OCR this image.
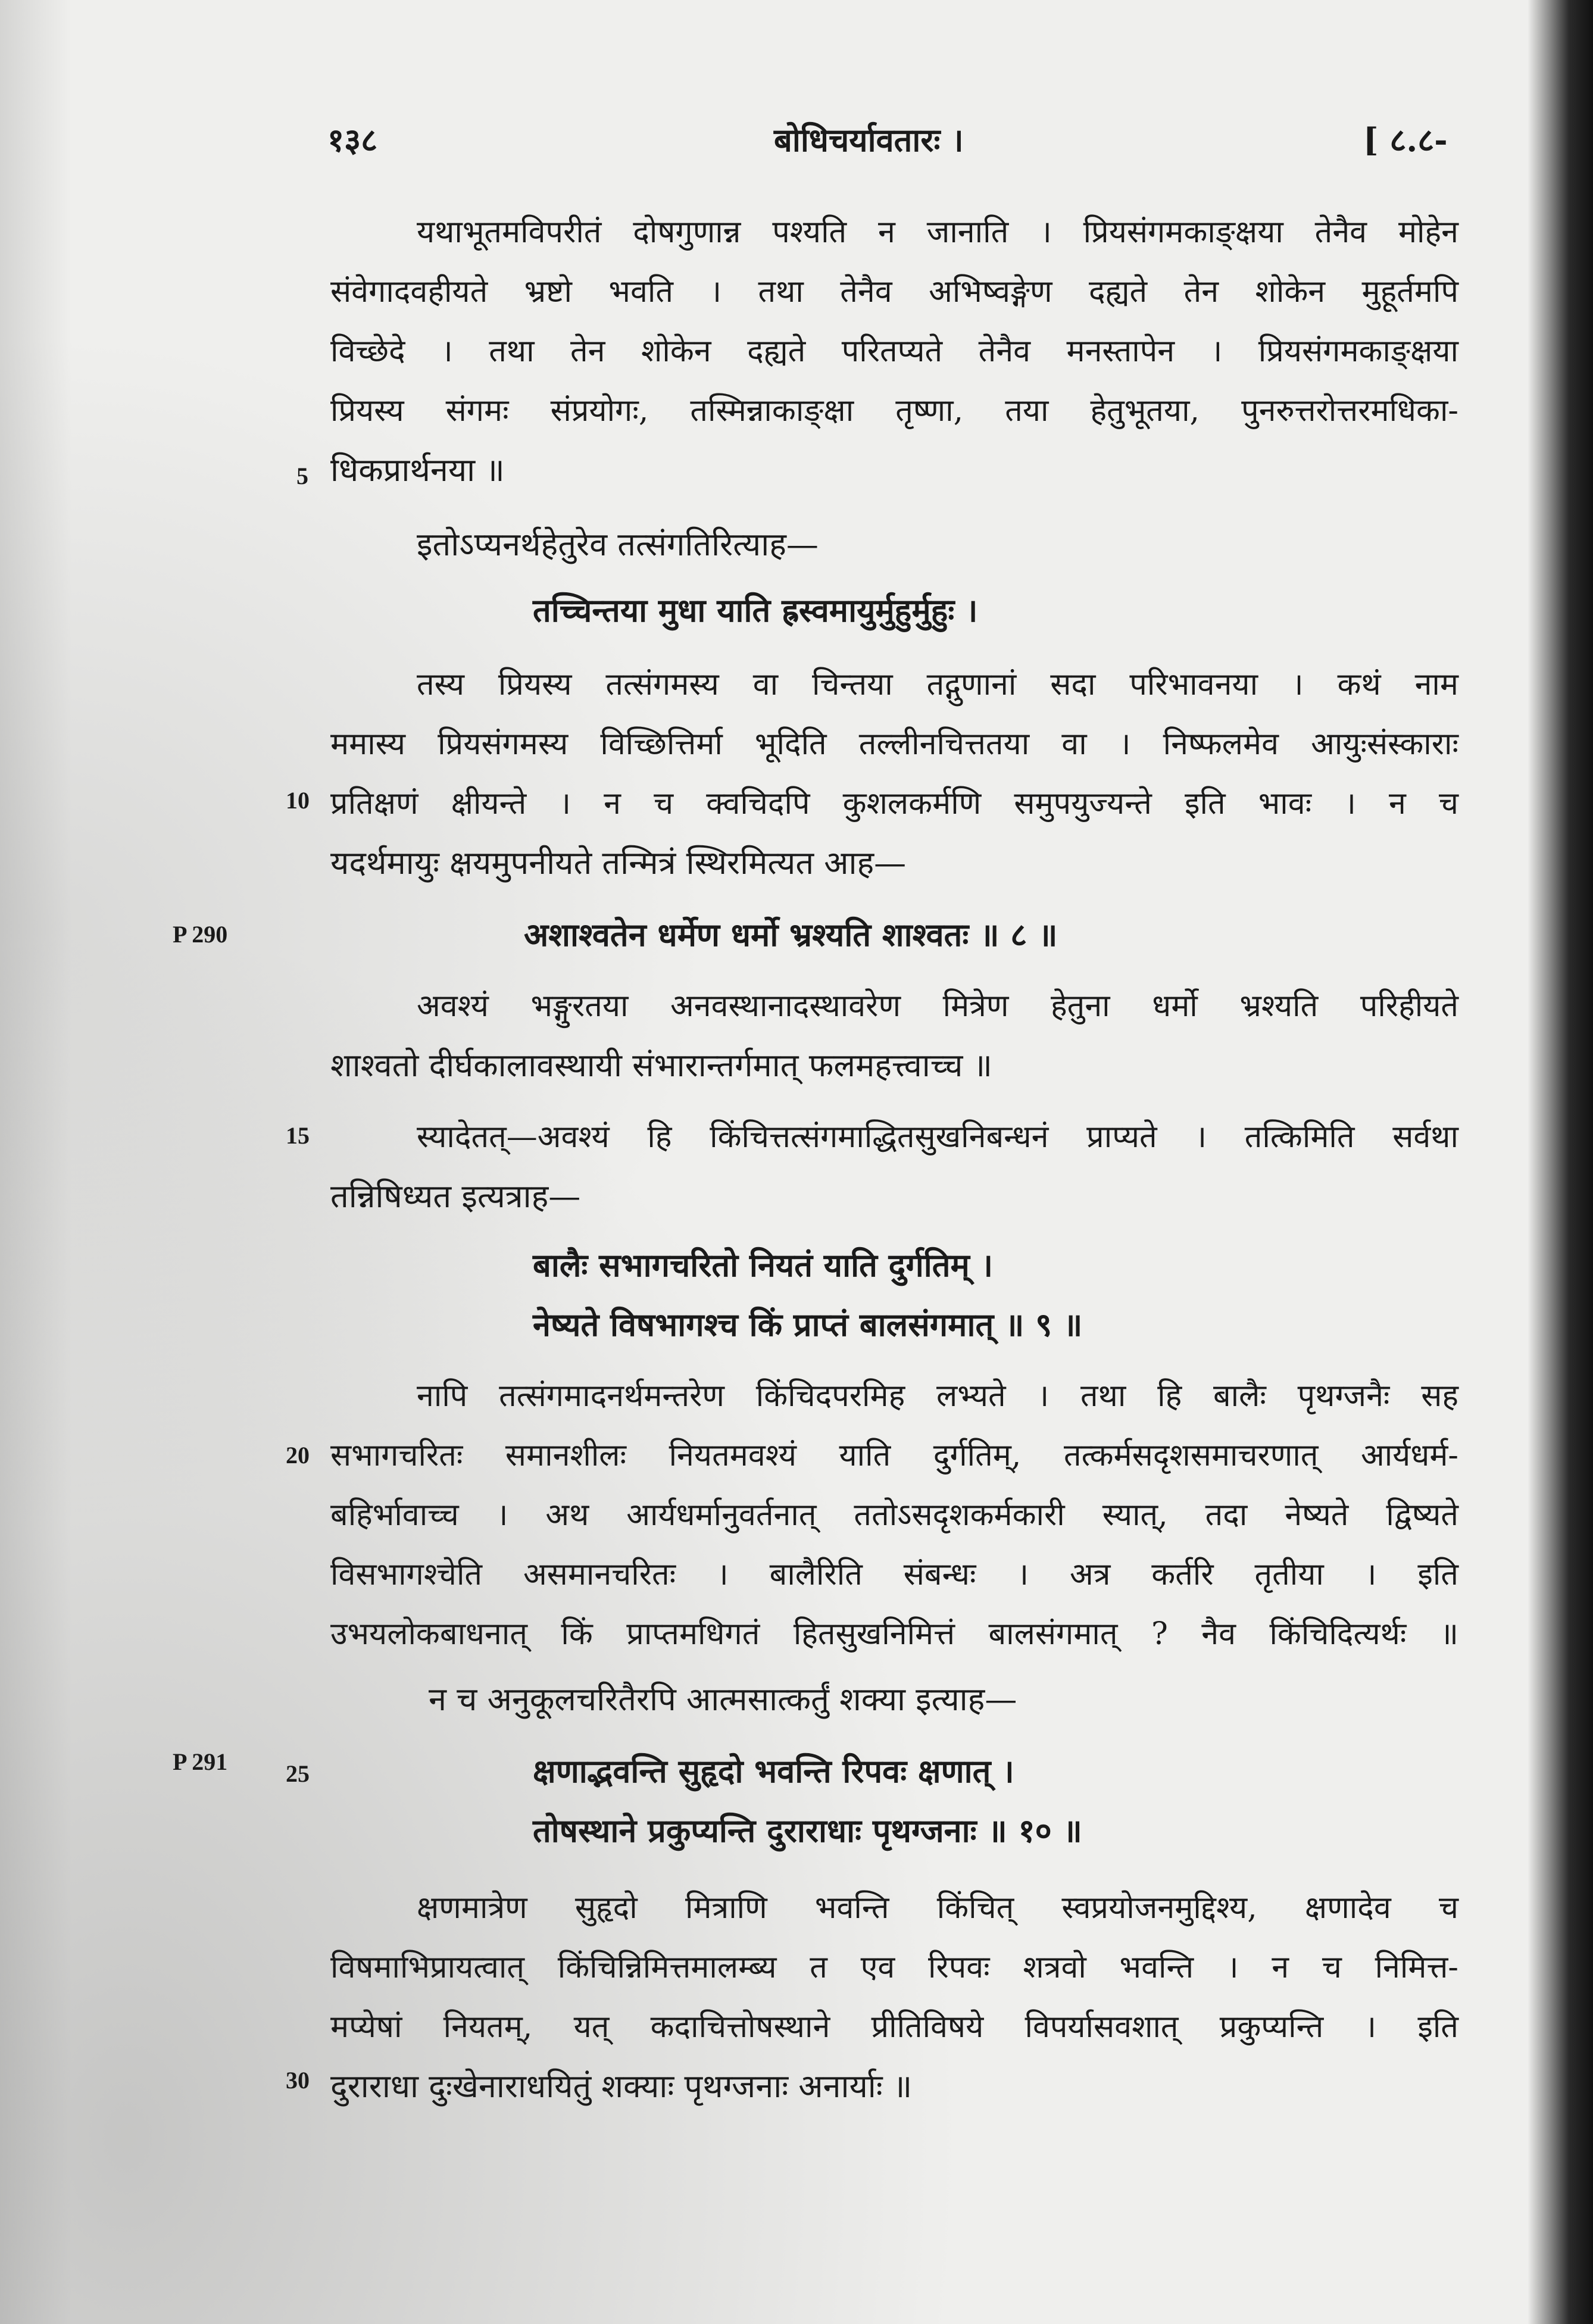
१३८	बोधिचर्यावतारः ।	[ ८.८-
यथाभूतमविपरीतं दोषगुणान्न पश्यति न जानाति । प्रियसंगमकाङ्क्षया तेनैव मोहेन
संवेगादवहीयते भ्रष्टो भवति । तथा तेनैव अभिष्वङ्गेण दह्यते तेन शोकेन मुहूर्तमपि
विच्छेदे । तथा तेन शोकेन दह्यते परितप्यते तेनैव मनस्तापेन । प्रियसंगमकाङ्क्षया
प्रियस्य संगमः संप्रयोगः, तस्मिन्नाकाङ्क्षा तृष्णा, तया हेतुभूतया, पुनरुत्तरोत्तरमधिका-
धिकप्रार्थनया ॥
इतोऽप्यनर्थहेतुरेव तत्संगतिरित्याह—
तच्चिन्तया मुधा याति ह्रस्वमायुर्मुहुर्मुहुः ।
तस्य प्रियस्य तत्संगमस्य वा चिन्तया तद्गुणानां सदा परिभावनया । कथं नाम
ममास्य प्रियसंगमस्य विच्छित्तिर्मा भूदिति तल्लीनचित्ततया वा । निष्फलमेव आयुःसंस्काराः
प्रतिक्षणं क्षीयन्ते । न च क्वचिदपि कुशलकर्मणि समुपयुज्यन्ते इति भावः । न च
यदर्थमायुः क्षयमुपनीयते तन्मित्रं स्थिरमित्यत आह—
अशाश्वतेन धर्मेण धर्मो भ्रश्यति शाश्वतः ॥ ८ ॥
अवश्यं भङ्गुरतया अनवस्थानादस्थावरेण मित्रेण हेतुना धर्मो भ्रश्यति परिहीयते
शाश्वतो दीर्घकालावस्थायी संभारान्तर्गमात् फलमहत्त्वाच्च ॥
स्यादेतत्—अवश्यं हि किंचित्तत्संगमाद्धितसुखनिबन्धनं प्राप्यते । तत्किमिति सर्वथा
तन्निषिध्यत इत्यत्राह—
बालैः सभागचरितो नियतं याति दुर्गतिम् ।
नेष्यते विषभागश्च किं प्राप्तं बालसंगमात् ॥ ९ ॥
नापि तत्संगमादनर्थमन्तरेण किंचिदपरमिह लभ्यते । तथा हि बालैः पृथग्जनैः सह
सभागचरितः समानशीलः नियतमवश्यं याति दुर्गतिम्, तत्कर्मसदृशसमाचरणात् आर्यधर्म-
बहिर्भावाच्च । अथ आर्यधर्मानुवर्तनात् ततोऽसदृशकर्मकारी स्यात्, तदा नेष्यते द्विष्यते
विसभागश्चेति असमानचरितः । बालैरिति संबन्धः । अत्र कर्तरि तृतीया । इति
उभयलोकबाधनात् किं प्राप्तमधिगतं हितसुखनिमित्तं बालसंगमात् ? नैव किंचिदित्यर्थः ॥
न च अनुकूलचरितैरपि आत्मसात्कर्तुं शक्या इत्याह—
क्षणाद्भवन्ति सुहृदो भवन्ति रिपवः क्षणात् ।
तोषस्थाने प्रकुप्यन्ति दुराराधाः पृथग्जनाः ॥ १० ॥
क्षणमात्रेण सुहृदो मित्राणि भवन्ति किंचित् स्वप्रयोजनमुद्दिश्य, क्षणादेव च
विषमाभिप्रायत्वात् किंचिन्निमित्तमालम्ब्य त एव रिपवः शत्रवो भवन्ति । न च निमित्त-
मप्येषां नियतम्, यत् कदाचित्तोषस्थाने प्रीतिविषये विपर्यासवशात् प्रकुप्यन्ति । इति
दुराराधा दुःखेनाराधयितुं शक्याः पृथग्जनाः अनार्याः ॥
5
10
15
20
25
30
P 290
P 291
